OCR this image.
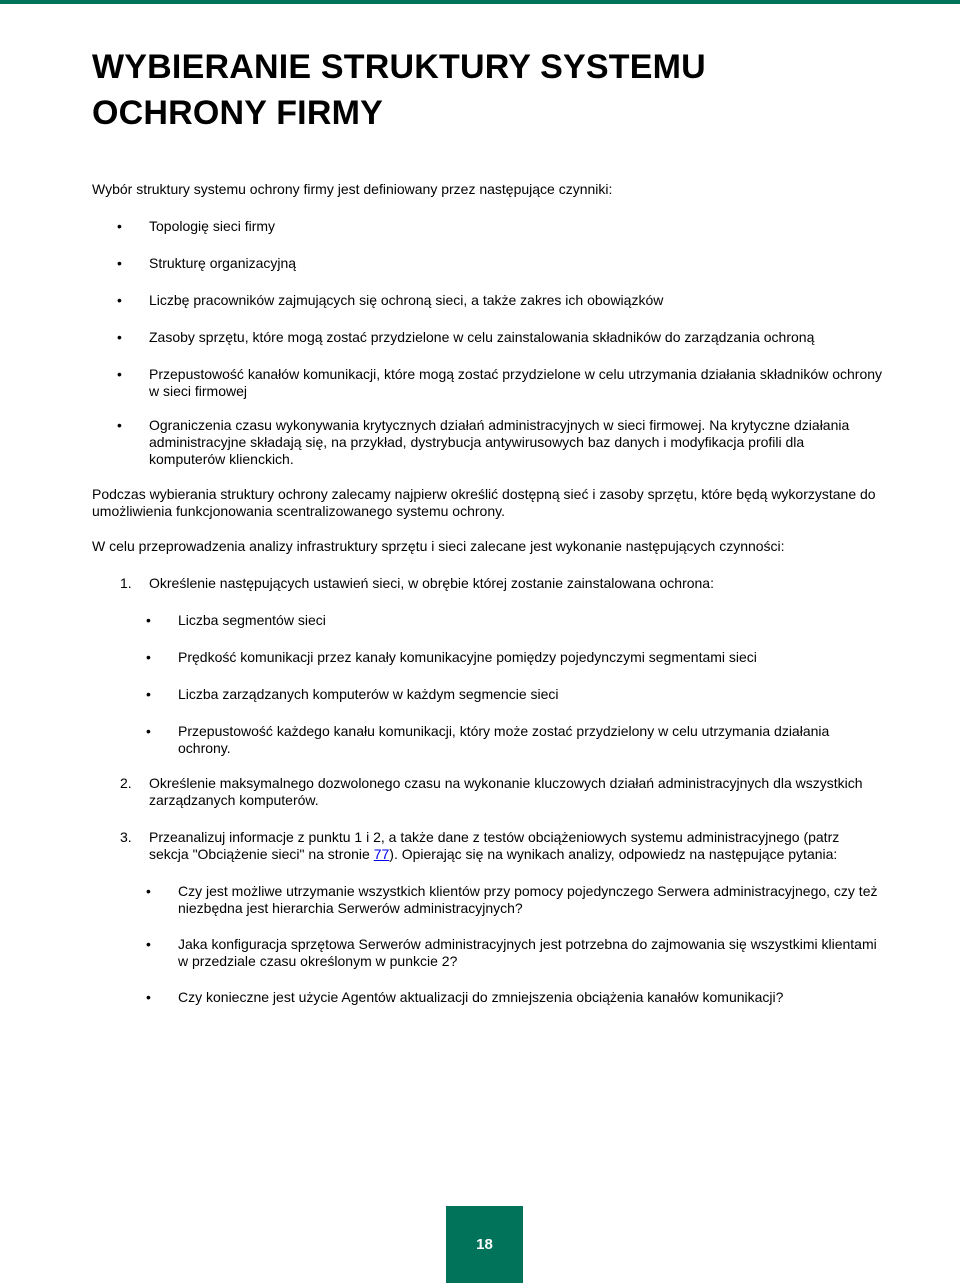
WYBIERANIE STRUKTURY SYSTEMU
OCHRONY FIRMY

Wybór struktury systemu ochrony firmy jest definiowany przez następujące czynniki:

• Topologię sieci firmy
• Strukturę organizacyjną
• Liczbę pracowników zajmujących się ochroną sieci, a także zakres ich obowiązków
• Zasoby sprzętu, które mogą zostać przydzielone w celu zainstalowania składników do zarządzania ochroną
• Przepustowość kanałów komunikacji, które mogą zostać przydzielone w celu utrzymania działania składników ochrony w sieci firmowej
• Ograniczenia czasu wykonywania krytycznych działań administracyjnych w sieci firmowej. Na krytyczne działania administracyjne składają się, na przykład, dystrybucja antywirusowych baz danych i modyfikacja profili dla komputerów klienckich.

Podczas wybierania struktury ochrony zalecamy najpierw określić dostępną sieć i zasoby sprzętu, które będą wykorzystane do umożliwienia funkcjonowania scentralizowanego systemu ochrony.

W celu przeprowadzenia analizy infrastruktury sprzętu i sieci zalecane jest wykonanie następujących czynności:

1. Określenie następujących ustawień sieci, w obrębie której zostanie zainstalowana ochrona:
• Liczba segmentów sieci
• Prędkość komunikacji przez kanały komunikacyjne pomiędzy pojedynczymi segmentami sieci
• Liczba zarządzanych komputerów w każdym segmencie sieci
• Przepustowość każdego kanału komunikacji, który może zostać przydzielony w celu utrzymania działania ochrony.
2. Określenie maksymalnego dozwolonego czasu na wykonanie kluczowych działań administracyjnych dla wszystkich zarządzanych komputerów.
3. Przeanalizuj informacje z punktu 1 i 2, a także dane z testów obciążeniowych systemu administracyjnego (patrz sekcja "Obciążenie sieci" na stronie 77). Opierając się na wynikach analizy, odpowiedz na następujące pytania:
• Czy jest możliwe utrzymanie wszystkich klientów przy pomocy pojedynczego Serwera administracyjnego, czy też niezbędna jest hierarchia Serwerów administracyjnych?
• Jaka konfiguracja sprzętowa Serwerów administracyjnych jest potrzebna do zajmowania się wszystkimi klientami w przedziale czasu określonym w punkcie 2?
• Czy konieczne jest użycie Agentów aktualizacji do zmniejszenia obciążenia kanałów komunikacji?
18
